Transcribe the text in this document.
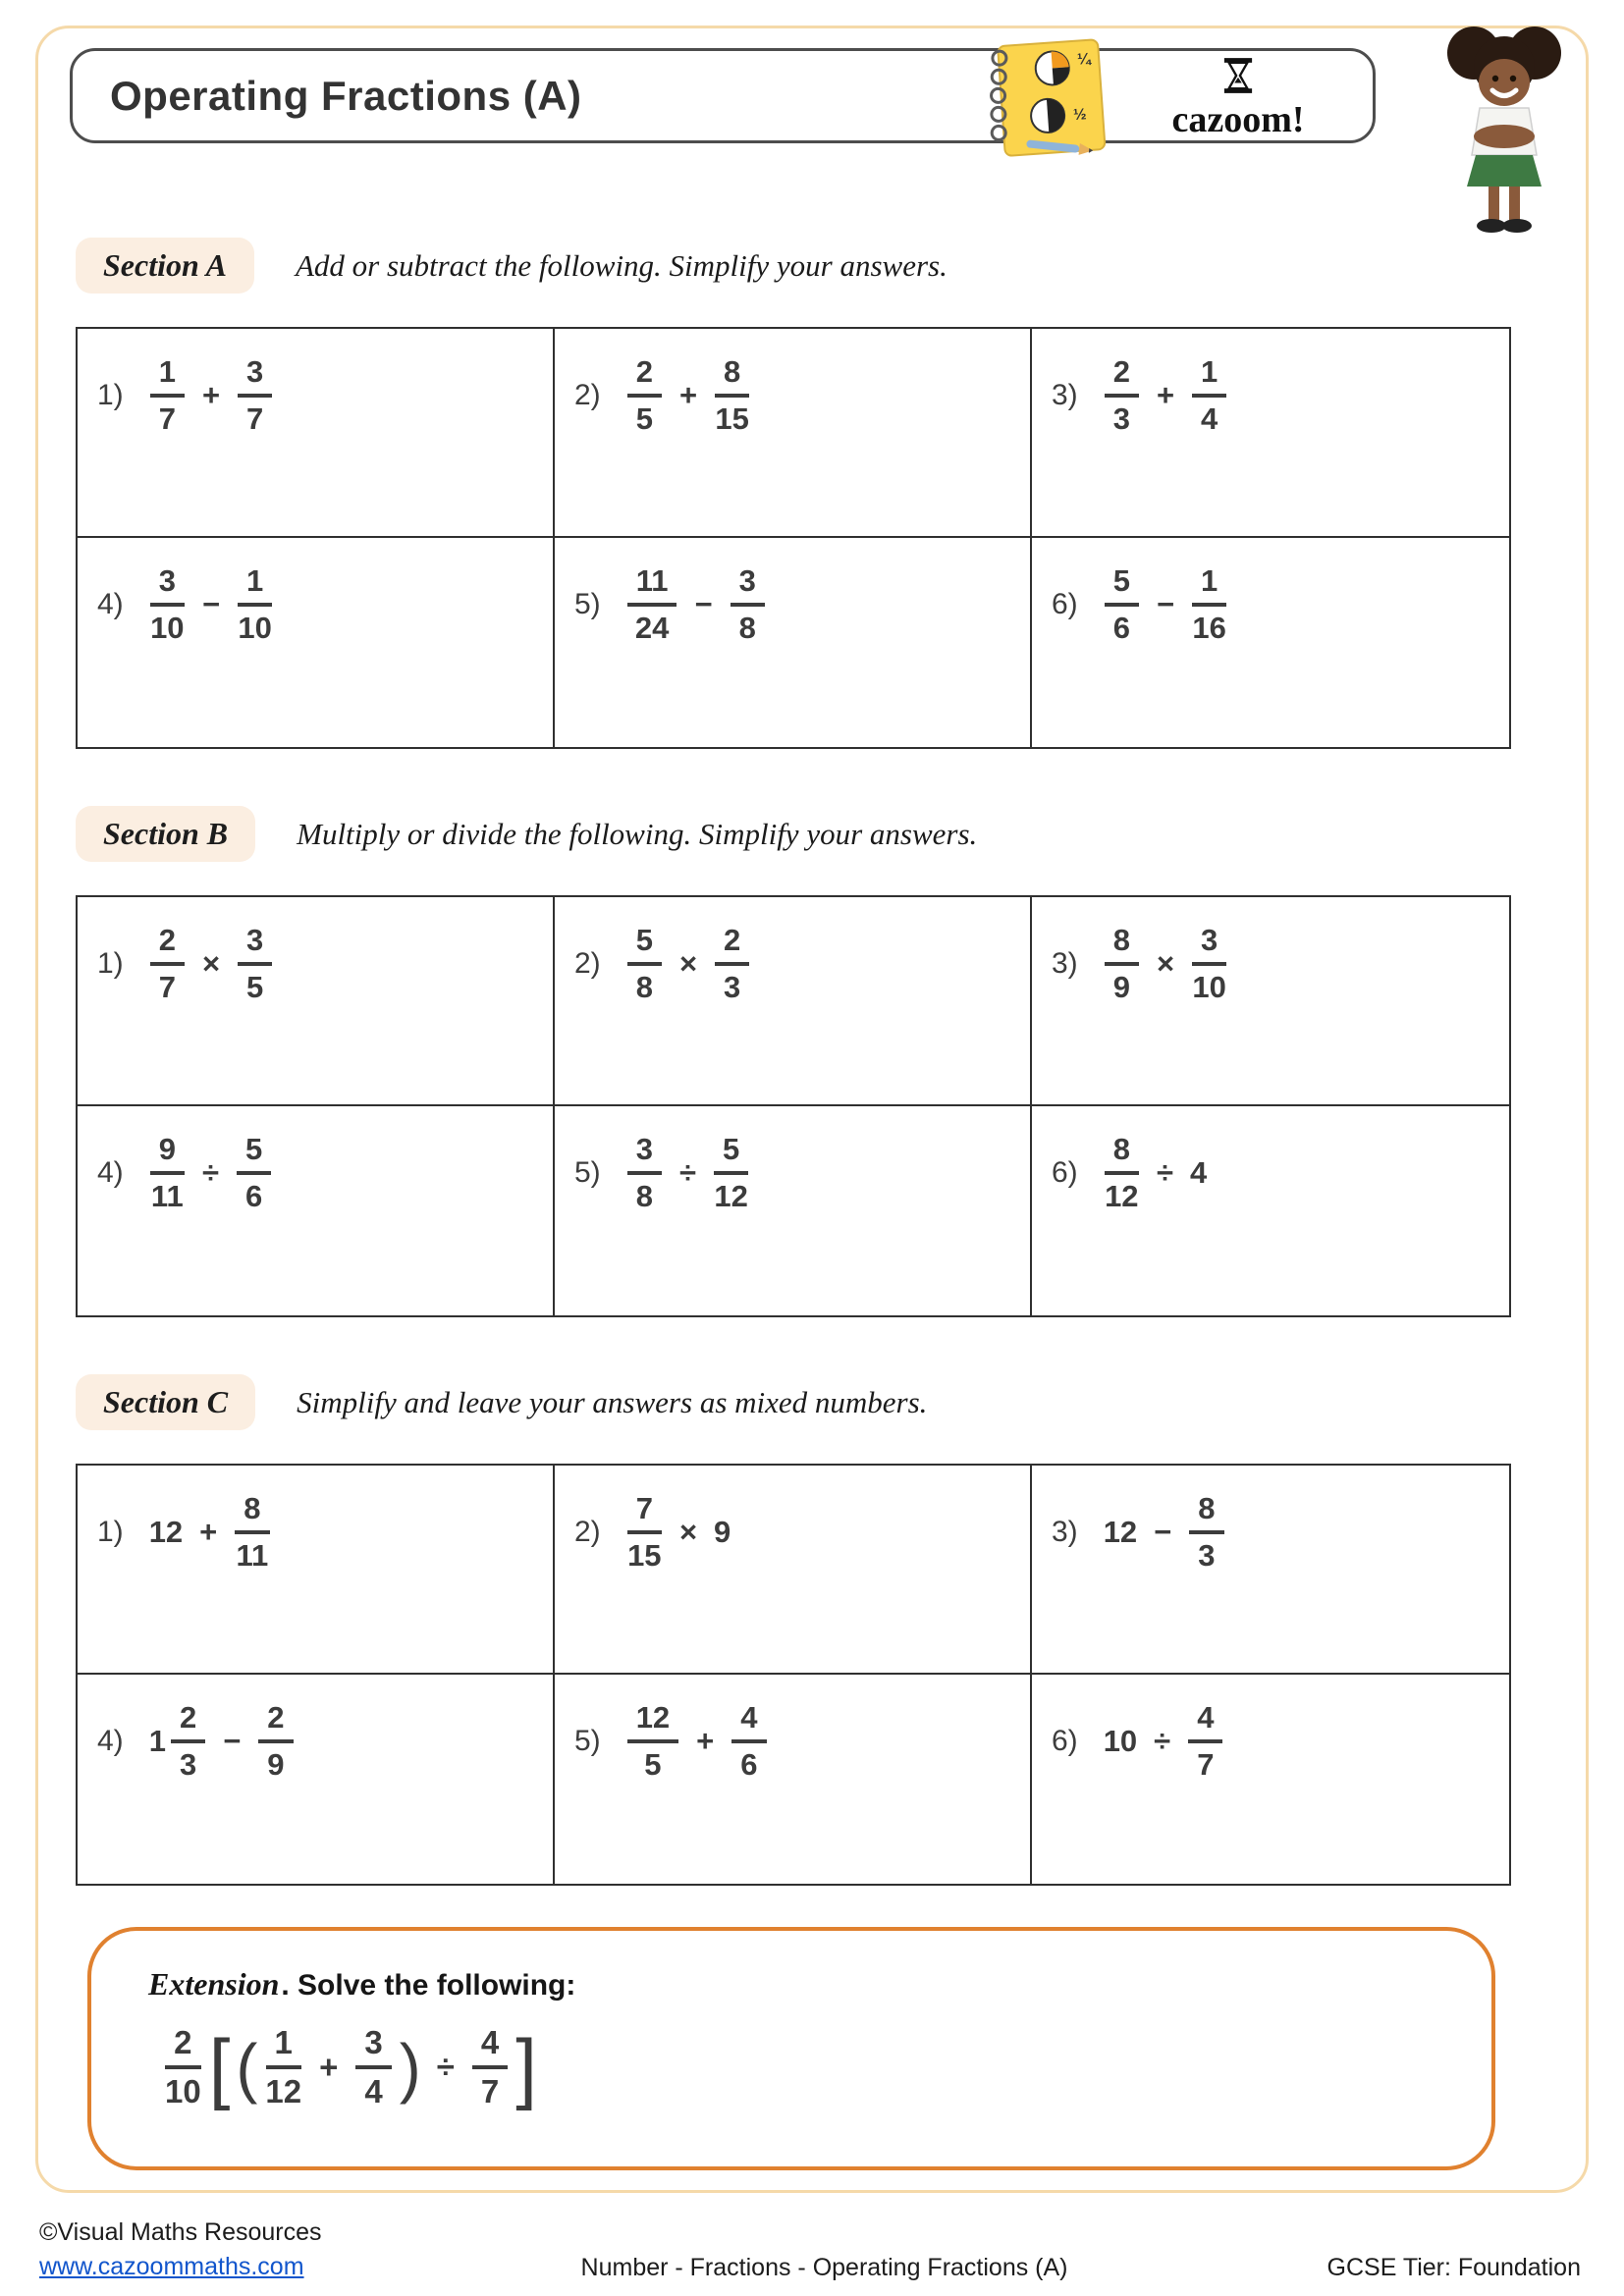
Operating Fractions (A)
¼
½	cazoom!
Section A	Add or subtract the following. Simplify your answers.
$1) \frac{1}{7} + \frac{3}{7}$	$2) \frac{2}{5} + \frac{8}{15}$	$3) \frac{2}{3} + \frac{1}{4}$
$4) \frac{3}{10} - \frac{1}{10}$	$5) \frac{11}{24} - \frac{3}{8}$	$6) \frac{5}{6} - \frac{1}{16}$
Section B	Multiply or divide the following. Simplify your answers.
$1) \frac{2}{7} \times \frac{3}{5}$	$2) \frac{5}{8} \times \frac{2}{3}$	$3) \frac{8}{9} \times \frac{3}{10}$
$4) \frac{9}{11} \div \frac{5}{6}$	$5) \frac{3}{8} \div \frac{5}{12}$	$6) \frac{8}{12} \div 4$
Section C	Simplify and leave your answers as mixed numbers.
1) $12 + \frac{8}{11}$	$2) \frac{7}{15} \times 9$	3) $12 - \frac{8}{3}$
4) $1 \frac{2}{3} - \frac{2}{9}$	$5) \frac{12}{5} + \frac{4}{6}$	6) $10 \div \frac{4}{7}$
Extension . Solve the following:
$\frac{2}{10}$ [ ( $\frac{1}{12} + \frac{3}{4}$ ) ÷ $\frac{4}{7}$ ]
©Visual Maths Resources
www.cazoommaths.com	Number - Fractions - Operating Fractions (A)	GCSE Tier: Foundation
